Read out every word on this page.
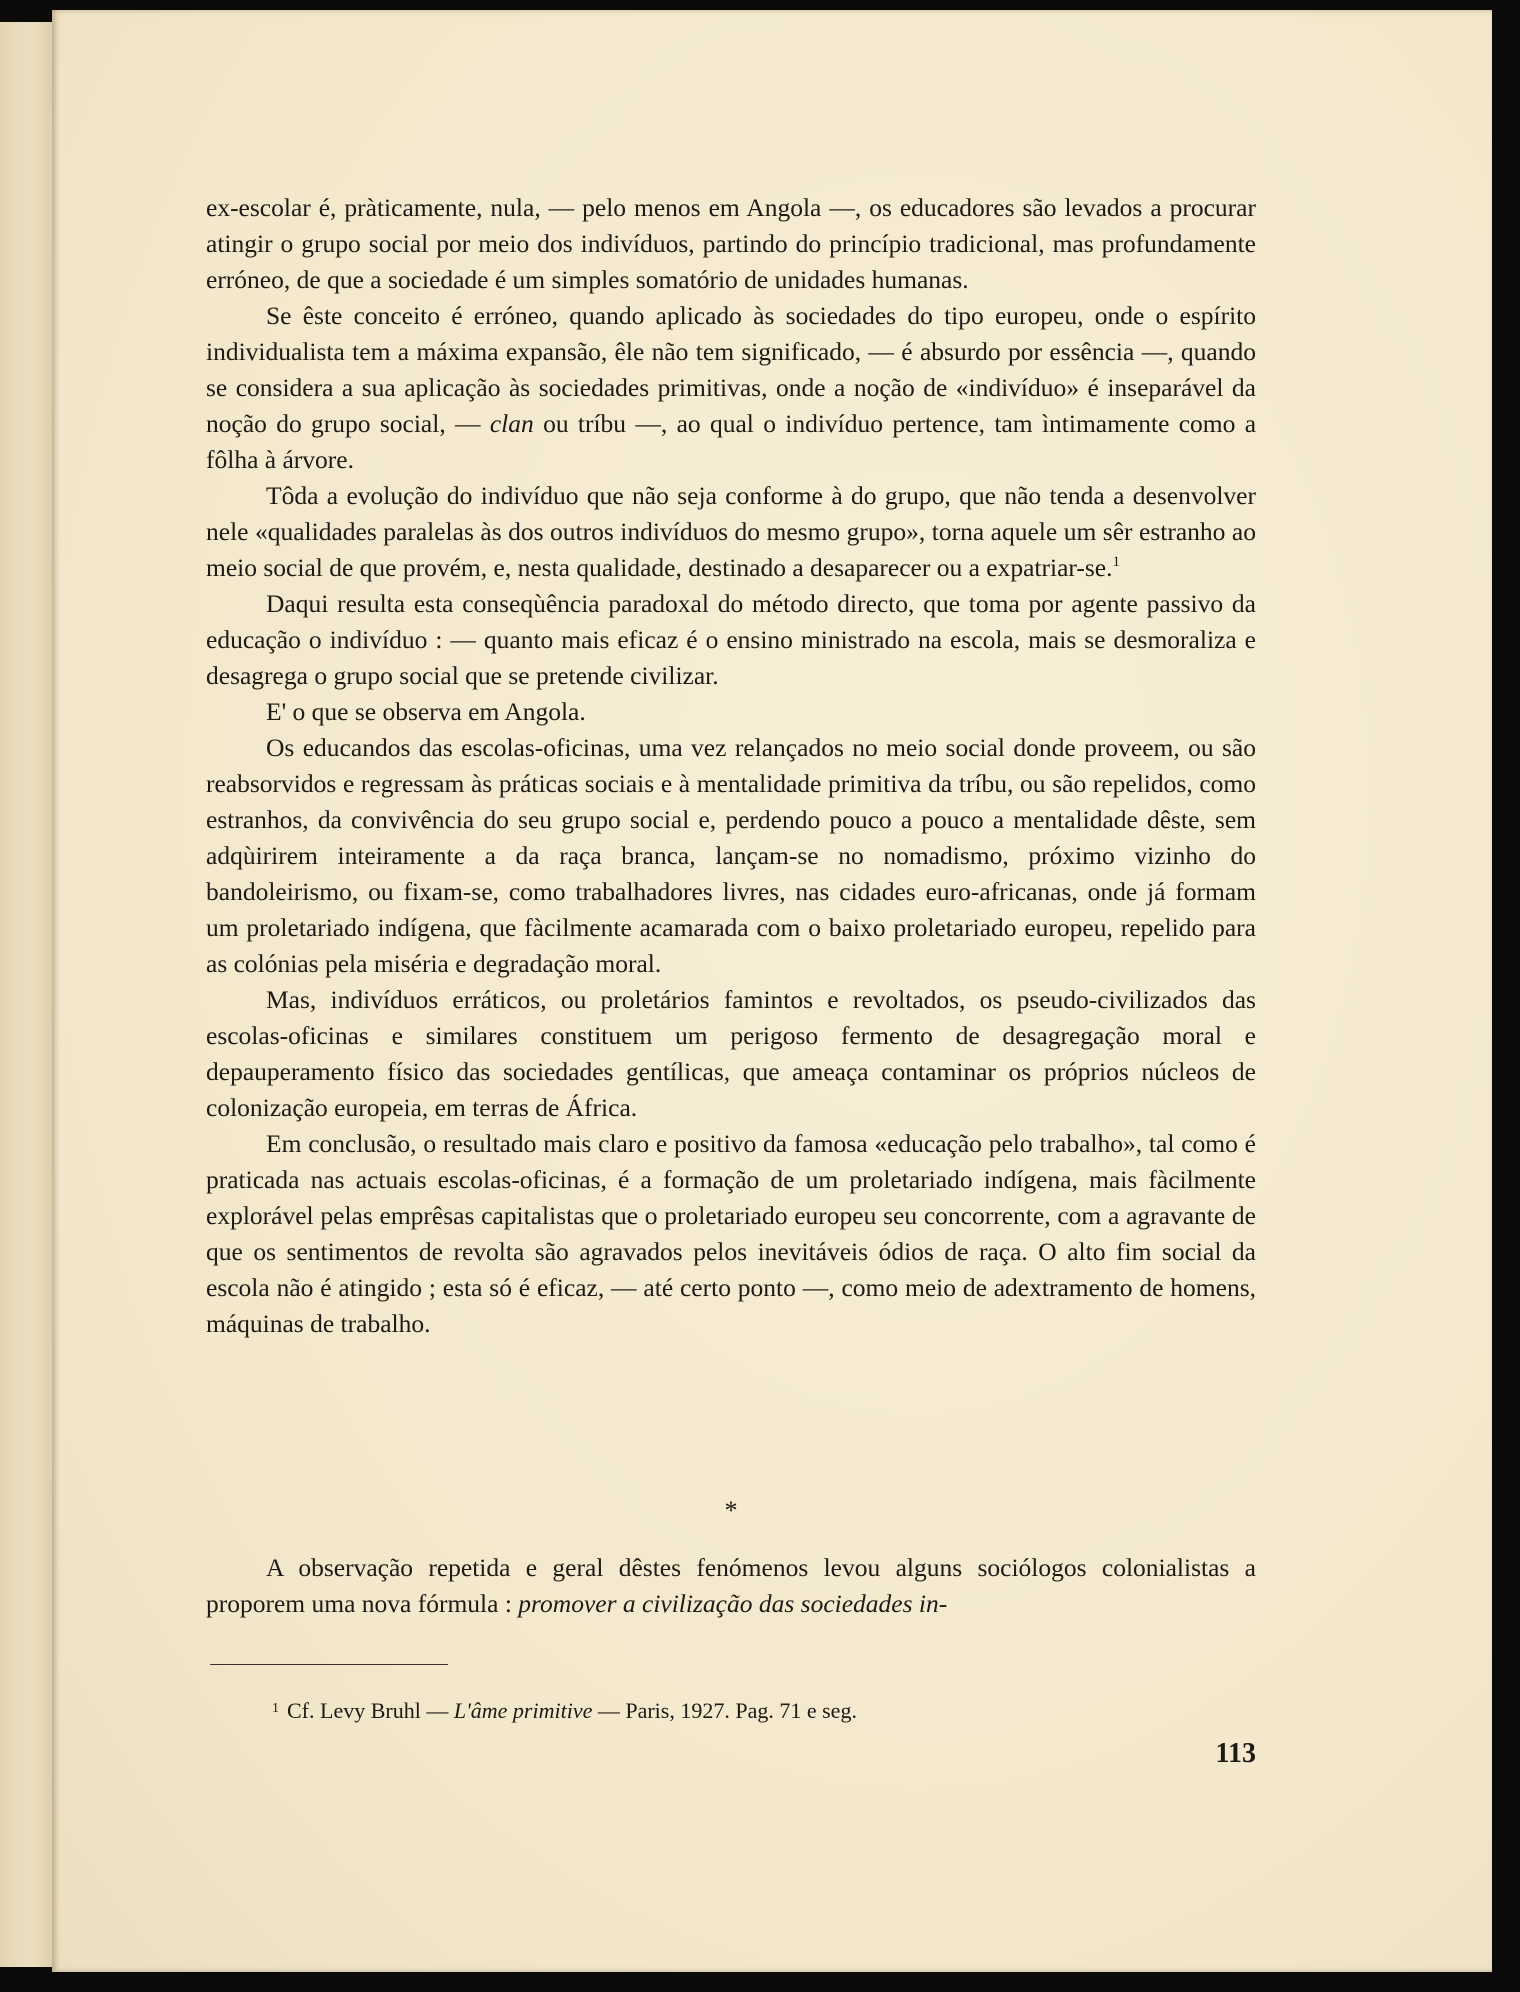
ex-escolar é, pràticamente, nula, — pelo menos em Angola —, os educadores são levados a procurar atingir o grupo social por meio dos indivíduos, partindo do princípio tradicional, mas profundamente erróneo, de que a sociedade é um simples somatório de unidades humanas.

Se êste conceito é erróneo, quando aplicado às sociedades do tipo europeu, onde o espírito individualista tem a máxima expansão, êle não tem significado, — é absurdo por essência —, quando se considera a sua aplicação às sociedades primitivas, onde a noção de «indivíduo» é inseparável da noção do grupo social, — clan ou tríbu —, ao qual o indivíduo pertence, tam ìntimamente como a fôlha à árvore.

Tôda a evolução do indivíduo que não seja conforme à do grupo, que não tenda a desenvolver nele «qualidades paralelas às dos outros indivíduos do mesmo grupo», torna aquele um sêr estranho ao meio social de que provém, e, nesta qualidade, destinado a desaparecer ou a expatriar-se.$^1$

Daqui resulta esta conseqùência paradoxal do método directo, que toma por agente passivo da educação o indivíduo : — quanto mais eficaz é o ensino ministrado na escola, mais se desmoraliza e desagrega o grupo social que se pretende civilizar.

E' o que se observa em Angola.

Os educandos das escolas-oficinas, uma vez relançados no meio social donde proveem, ou são reabsorvidos e regressam às práticas sociais e à mentalidade primitiva da tríbu, ou são repelidos, como estranhos, da convivência do seu grupo social e, perdendo pouco a pouco a mentalidade dêste, sem adqùirirem inteiramente a da raça branca, lançam-se no nomadismo, próximo vizinho do bandoleirismo, ou fixam-se, como trabalhadores livres, nas cidades euro-africanas, onde já formam um proletariado indígena, que fàcilmente acamarada com o baixo proletariado europeu, repelido para as colónias pela miséria e degradação moral.

Mas, indivíduos erráticos, ou proletários famintos e revoltados, os pseudo-civilizados das escolas-oficinas e similares constituem um perigoso fermento de desagregação moral e depauperamento físico das sociedades gentílicas, que ameaça contaminar os próprios núcleos de colonização europeia, em terras de África.

Em conclusão, o resultado mais claro e positivo da famosa «educação pelo trabalho», tal como é praticada nas actuais escolas-oficinas, é a formação de um proletariado indígena, mais fàcilmente explorável pelas emprêsas capitalistas que o proletariado europeu seu concorrente, com a agravante de que os sentimentos de revolta são agravados pelos inevitáveis ódios de raça. O alto fim social da escola não é atingido ; esta só é eficaz, — até certo ponto —, como meio de adextramento de homens, máquinas de trabalho.

*
A observação repetida e geral dêstes fenómenos levou alguns sociólogos colonialistas a proporem uma nova fórmula : promover a civilização das sociedades in-
$^1$ Cf. Levy Bruhl — L'âme primitive — Paris, 1927. Pag. 71 e seg.
113
